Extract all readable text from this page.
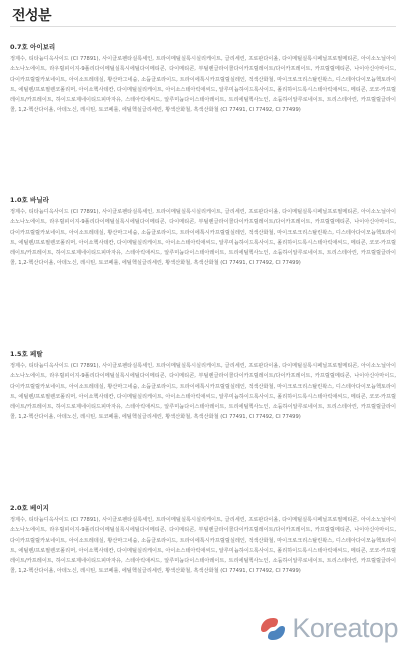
전성분

0.7호 아이보리

정제수, 티타늄디옥사이드 (CI 77891), 사이클로펜타실록세인, 트라이메틸실록시실리케이트, 글리세린, 프로판다이올, 다이메틸실록시페닐프로필메티콘, 아이소노닐아이소노나노에이트, 라우릴피이지-9폴리다이메틸실록시에틸다이메티콘, 다이메티콘, 부틸렌글라이콜다이카프릴레이트/다이카프레이트, 카프릴릴메티콘, 나이아신아마이드, 다이카프릴릴카보네이트, 아이소트레데실, 황산마그네슘, 소듐클로라이드, 트라이에톡시카프릴릴실레인, 적색산화철, 마이크로크리스탈린왁스, 디스테아다이모늄헥토라이트, 에틸렌/프로필렌코폴리머, 아이소헥사데칸, 다이메틸실리케이트, 아이소스테아릭애씨드, 알루미늄하이드록사이드, 폴리하이드록시스테아릭애씨드, 메티콘, 코코-카프릴레이트/카프레이트, 하이드로제네이티드피마자유, 스테아릭애씨드, 알루미늄다이스테아레이트, 트리에틸헥사노인, 소듐하이알루로네이트, 트리스테아린, 카프릴릴글라이콜, 1,2-헥산다이올, 아데노신, 레시틴, 토코페롤, 에틸헥실글리세린, 황색산화철, 흑색산화철 (CI 77491, CI 77492, CI 77499)

1.0호 바닐라

정제수, 티타늄디옥사이드 (CI 77891), 사이클로펜타실록세인, 트라이메틸실록시실리케이트, 글리세린, 프로판다이올, 다이메틸실록시페닐프로필메티콘, 아이소노닐아이소노나노에이트, 라우릴피이지-9폴리다이메틸실록시에틸다이메티콘, 다이메티콘, 부틸렌글라이콜다이카프릴레이트/다이카프레이트, 카프릴릴메티콘, 나이아신아마이드, 다이카프릴릴카보네이트, 아이소트레데실, 황산마그네슘, 소듐클로라이드, 트라이에톡시카프릴릴실레인, 적색산화철, 마이크로크리스탈린왁스, 디스테아다이모늄헥토라이트, 에틸렌/프로필렌코폴리머, 아이소헥사데칸, 다이메틸실리케이트, 아이소스테아릭애씨드, 알루미늄하이드록사이드, 폴리하이드록시스테아릭애씨드, 메티콘, 코코-카프릴레이트/카프레이트, 하이드로제네이티드피마자유, 스테아릭애씨드, 알루미늄다이스테아레이트, 트리에틸헥사노인, 소듐하이알루로네이트, 트리스테아린, 카프릴릴글라이콜, 1,2-헥산다이올, 아데노신, 레시틴, 토코페롤, 에틸헥실글리세린, 황색산화철, 흑색산화철 (CI 77491, CI 77492, CI 77499)

1.5호 페탈

정제수, 티타늄디옥사이드 (CI 77891), 사이클로펜타실록세인, 트라이메틸실록시실리케이트, 글리세린, 프로판다이올, 다이메틸실록시페닐프로필메티콘, 아이소노닐아이소노나노에이트, 라우릴피이지-9폴리다이메틸실록시에틸다이메티콘, 다이메티콘, 부틸렌글라이콜다이카프릴레이트/다이카프레이트, 카프릴릴메티콘, 나이아신아마이드, 다이카프릴릴카보네이트, 아이소트레데실, 황산마그네슘, 소듐클로라이드, 트라이에톡시카프릴릴실레인, 적색산화철, 마이크로크리스탈린왁스, 디스테아다이모늄헥토라이트, 에틸렌/프로필렌코폴리머, 아이소헥사데칸, 다이메틸실리케이트, 아이소스테아릭애씨드, 알루미늄하이드록사이드, 폴리하이드록시스테아릭애씨드, 메티콘, 코코-카프릴레이트/카프레이트, 하이드로제네이티드피마자유, 스테아릭애씨드, 알루미늄다이스테아레이트, 트리에틸헥사노인, 소듐하이알루로네이트, 트리스테아린, 카프릴릴글라이콜, 1,2-헥산다이올, 아데노신, 레시틴, 토코페롤, 에틸헥실글리세린, 황색산화철, 흑색산화철 (CI 77491, CI 77492, CI 77499)

2.0호 베이지

정제수, 티타늄디옥사이드 (CI 77891), 사이클로펜타실록세인, 트라이메틸실록시실리케이트, 글리세린, 프로판다이올, 다이메틸실록시페닐프로필메티콘, 아이소노닐아이소노나노에이트, 라우릴피이지-9폴리다이메틸실록시에틸다이메티콘, 다이메티콘, 부틸렌글라이콜다이카프릴레이트/다이카프레이트, 카프릴릴메티콘, 나이아신아마이드, 다이카프릴릴카보네이트, 아이소트레데실, 황산마그네슘, 소듐클로라이드, 트라이에톡시카프릴릴실레인, 적색산화철, 마이크로크리스탈린왁스, 디스테아다이모늄헥토라이트, 에틸렌/프로필렌코폴리머, 아이소헥사데칸, 다이메틸실리케이트, 아이소스테아릭애씨드, 알루미늄하이드록사이드, 폴리하이드록시스테아릭애씨드, 메티콘, 코코-카프릴레이트/카프레이트, 하이드로제네이티드피마자유, 스테아릭애씨드, 알루미늄다이스테아레이트, 트리에틸헥사노인, 소듐하이알루로네이트, 트리스테아린, 카프릴릴글라이콜, 1,2-헥산다이올, 아데노신, 레시틴, 토코페롤, 에틸헥실글리세린, 황색산화철, 흑색산화철 (CI 77491, CI 77492, CI 77499)

Koreatop
